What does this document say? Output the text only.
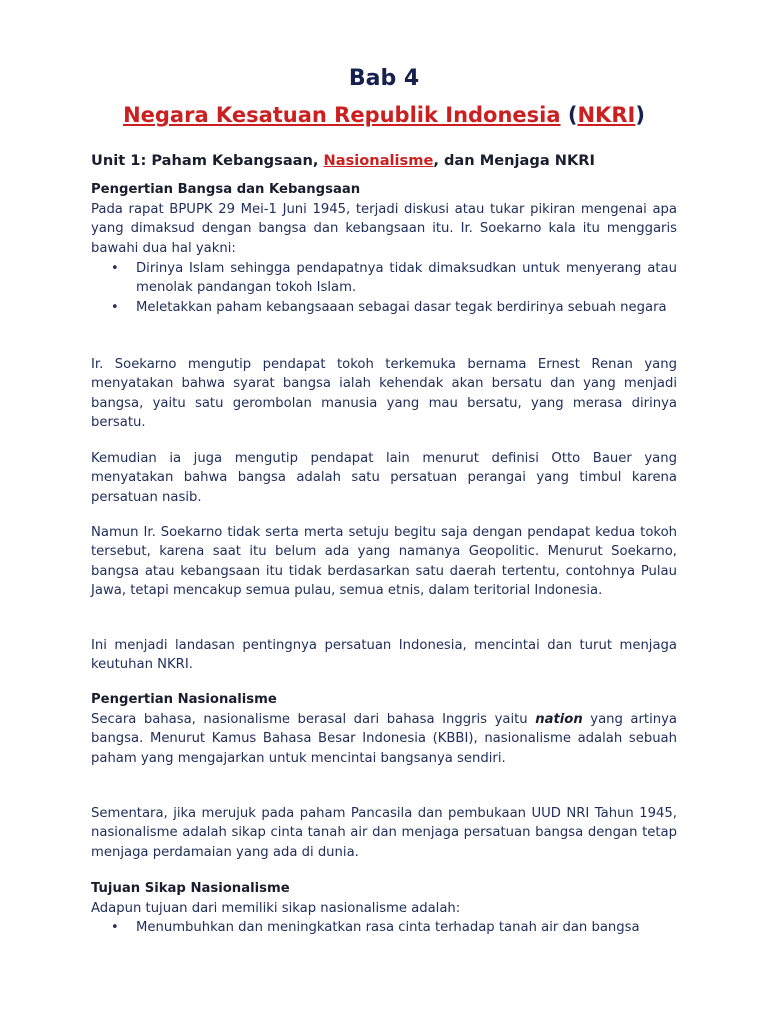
Bab 4
Negara Kesatuan Republik Indonesia (NKRI)
Unit 1: Paham Kebangsaan, Nasionalisme, dan Menjaga NKRI
Pengertian Bangsa dan Kebangsaan

Pada rapat BPUPK 29 Mei-1 Juni 1945, terjadi diskusi atau tukar pikiran mengenai apa yang dimaksud dengan bangsa dan kebangsaan itu. Ir. Soekarno kala itu menggaris bawahi dua hal yakni:

• Dirinya Islam sehingga pendapatnya tidak dimaksudkan untuk menyerang atau menolak pandangan tokoh Islam.
• Meletakkan paham kebangsaaan sebagai dasar tegak berdirinya sebuah negara

Ir. Soekarno mengutip pendapat tokoh terkemuka bernama Ernest Renan yang menyatakan bahwa syarat bangsa ialah kehendak akan bersatu dan yang menjadi bangsa, yaitu satu gerombolan manusia yang mau bersatu, yang merasa dirinya bersatu.

Kemudian ia juga mengutip pendapat lain menurut definisi Otto Bauer yang menyatakan bahwa bangsa adalah satu persatuan perangai yang timbul karena persatuan nasib.

Namun Ir. Soekarno tidak serta merta setuju begitu saja dengan pendapat kedua tokoh tersebut, karena saat itu belum ada yang namanya Geopolitic. Menurut Soekarno, bangsa atau kebangsaan itu tidak berdasarkan satu daerah tertentu, contohnya Pulau Jawa, tetapi mencakup semua pulau, semua etnis, dalam teritorial Indonesia.

Ini menjadi landasan pentingnya persatuan Indonesia, mencintai dan turut menjaga keutuhan NKRI.

Pengertian Nasionalisme

Secara bahasa, nasionalisme berasal dari bahasa Inggris yaitu nation yang artinya bangsa. Menurut Kamus Bahasa Besar Indonesia (KBBI), nasionalisme adalah sebuah paham yang mengajarkan untuk mencintai bangsanya sendiri.

Sementara, jika merujuk pada paham Pancasila dan pembukaan UUD NRI Tahun 1945, nasionalisme adalah sikap cinta tanah air dan menjaga persatuan bangsa dengan tetap menjaga perdamaian yang ada di dunia.

Tujuan Sikap Nasionalisme

Adapun tujuan dari memiliki sikap nasionalisme adalah:

• Menumbuhkan dan meningkatkan rasa cinta terhadap tanah air dan bangsa
